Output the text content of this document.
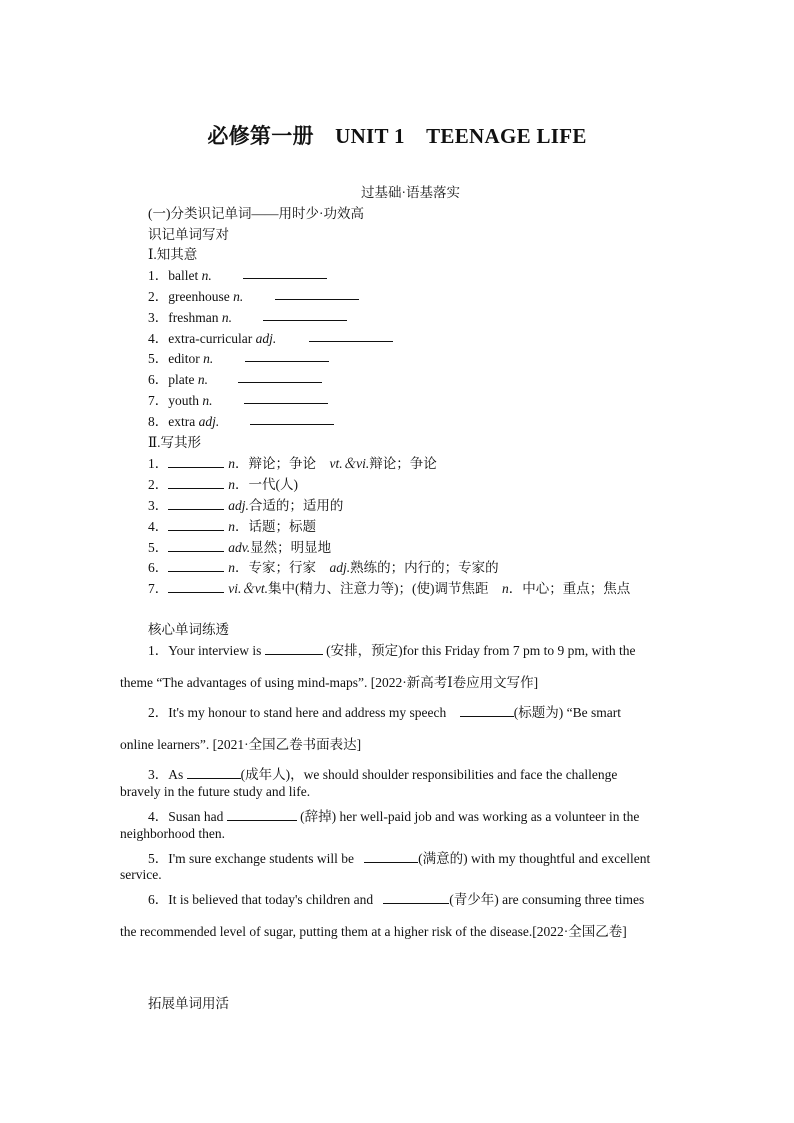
必修第一册　UNIT 1　TEENAGE LIFE
过基础·语基落实
(一)分类识记单词——用时少·功效高
识记单词写对
Ⅰ.知其意
1．ballet n.
2．greenhouse n.
3．freshman n.
4．extra-curricular adj.
5．editor n.
6．plate n.
7．youth n.
8．extra adj.
Ⅱ.写其形
1．	n．辩论；争论　vt.＆vi.辩论；争论
2．	n．一代(人)
3．	adj.合适的；适用的
4．	n．话题；标题
5．	adv.显然；明显地
6．	n．专家；行家　adj.熟练的；内行的；专家的
7．	vi.＆vt.集中(精力、注意力等)；(使)调节焦距　n．中心；重点；焦点
核心单词练透
1．Your interview is	(安排，预定)for this Friday from 7 pm to 9 pm, with the
theme “The advantages of using mind-maps”. [2022·新高考Ⅰ卷应用文写作]
2．It's my honour to stand here and address my speech	(标题为) “Be smart
online learners”. [2021·全国乙卷书面表达]
3．As	(成年人)，we should shoulder responsibilities and face the challenge
bravely in the future study and life.
4．Susan had	(辞掉) her well-paid job and was working as a volunteer in the
neighborhood then.
5．I'm sure exchange students will be	(满意的) with my thoughtful and excellent
service.
6．It is believed that today's children and	(青少年) are consuming three times
the recommended level of sugar, putting them at a higher risk of the disease.[2022·全国乙卷]
拓展单词用活
